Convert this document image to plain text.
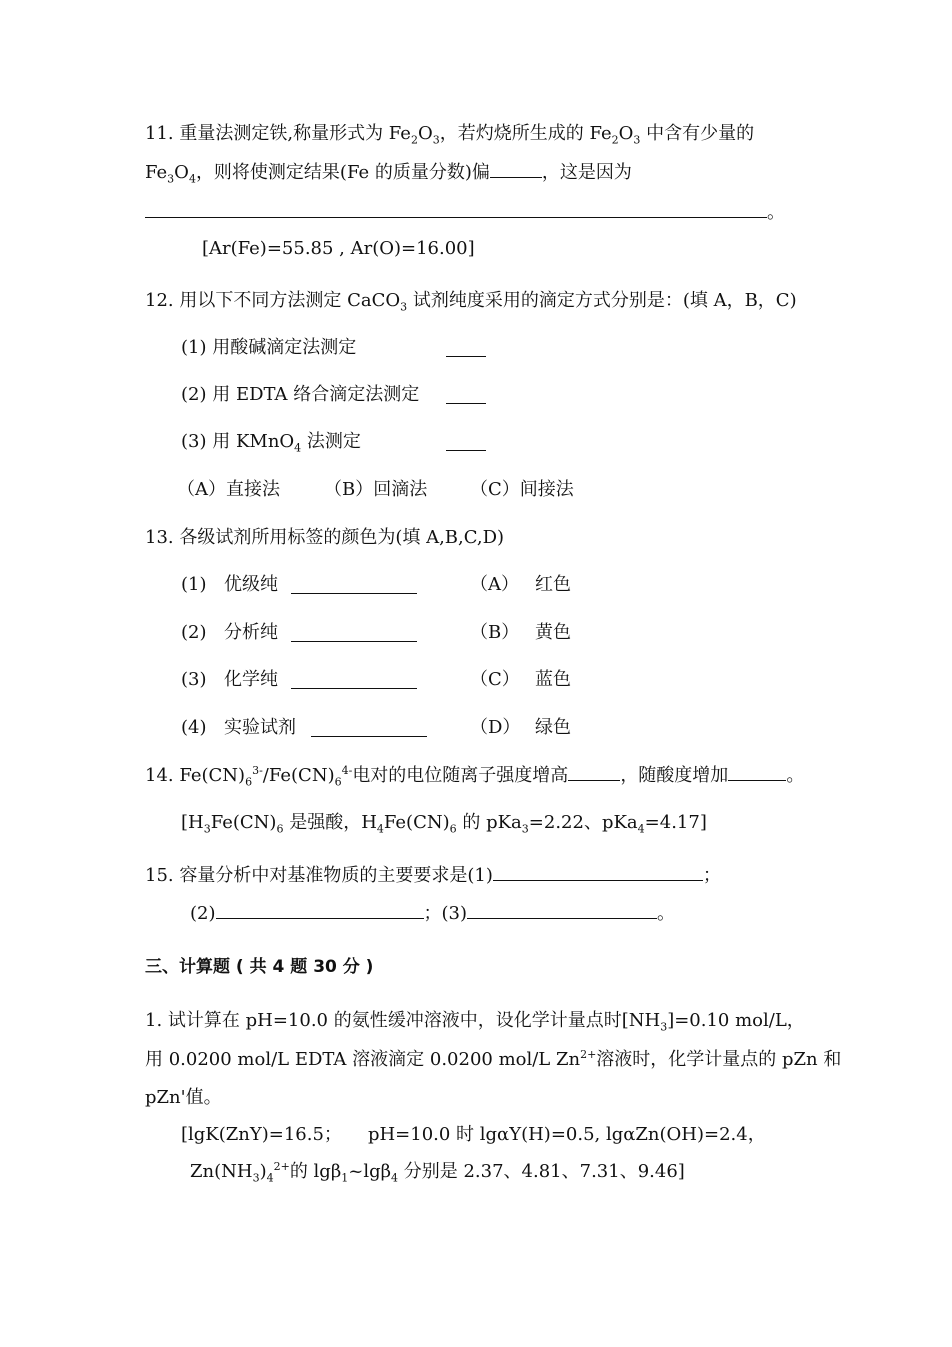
11. 重量法测定铁,称量形式为 $Fe_2O_3$，若灼烧所生成的 $Fe_2O_3$ 中含有少量的
$Fe_3O_4$，则将使测定结果(Fe 的质量分数)偏	，这是因为
。
[Ar(Fe)=55.85 , Ar(O)=16.00]
12. 用以下不同方法测定 CaCO$_3$ 试剂纯度采用的滴定方式分别是：(填 A，B，C)
(1) 用酸碱滴定法测定
(2) 用 EDTA 络合滴定法测定
(3) 用 KMnO$_4$ 法测定
（A）直接法 （B）回滴法 （C）间接法
13. 各级试剂所用标签的颜色为(填 A,B,C,D)
(1) 优级纯	（A） 红色
(2) 分析纯	（B） 黄色
(3) 化学纯	（C） 蓝色
(4) 实验试剂	（D） 绿色
14. $Fe(CN)_6^{3-}/Fe(CN)_6^{4-}$电对的电位随离子强度增高	，随酸度增加	。
[$H_3Fe(CN)_6$ 是强酸，$H_4Fe(CN)_6$ 的 pKa$_3$=2.22、pKa$_4$=4.17]
15. 容量分析中对基准物质的主要要求是(1)	；
(2)	；(3)	。
三、计算题 ( 共 4 题 30 分 )
1. 试计算在 pH=10.0 的氨性缓冲溶液中，设化学计量点时$[NH_3]=0.10$ mol/L，
用 0.0200 mol/L EDTA 溶液滴定 0.0200 mol/L $Zn^{2+}$溶液时，化学计量点的 pZn 和
pZn'值。
[lgK(ZnY)=16.5； pH=10.0 时 lgαY(H)=0.5, lgαZn(OH)=2.4，
$Zn(NH_3)_4^{2+}$的 lgβ$_1$~lgβ$_4$ 分别是 2.37、4.81、7.31、9.46]
